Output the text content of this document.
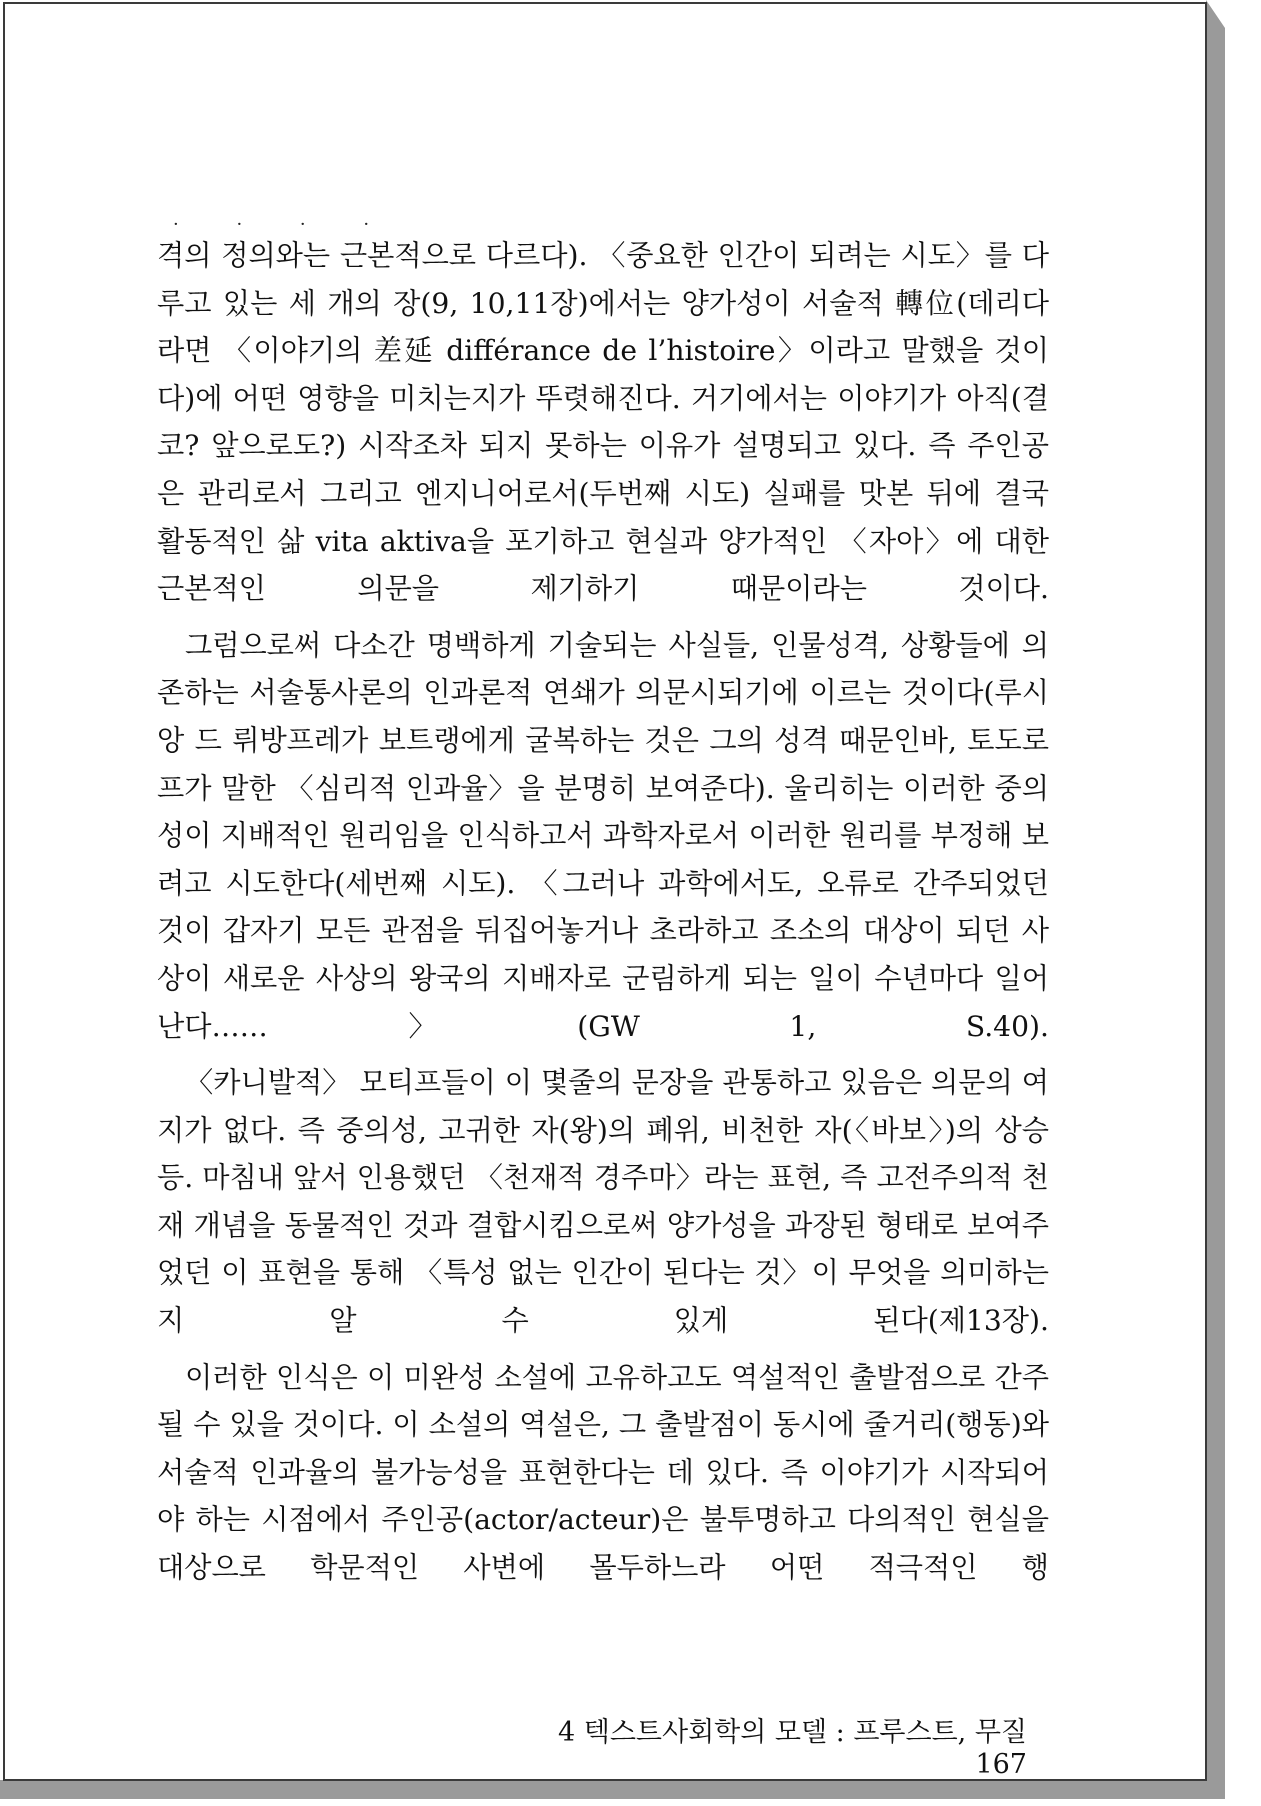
· · · ·

격의 정의와는 근본적으로 다르다). 〈중요한 인간이 되려는 시도〉를 다루고 있는 세 개의 장(9, 10,11장)에서는 양가성이 서술적 轉位(데리다라면 〈이야기의 差延 différance de l’histoire〉이라고 말했을 것이다)에 어떤 영향을 미치는지가 뚜렷해진다. 거기에서는 이야기가 아직(결코? 앞으로도?) 시작조차 되지 못하는 이유가 설명되고 있다. 즉 주인공은 관리로서 그리고 엔지니어로서(두번째 시도) 실패를 맛본 뒤에 결국 활동적인 삶 vita aktiva을 포기하고 현실과 양가적인 〈자아〉에 대한 근본적인 의문을 제기하기 때문이라는 것이다.

그럼으로써 다소간 명백하게 기술되는 사실들, 인물성격, 상황들에 의존하는 서술통사론의 인과론적 연쇄가 의문시되기에 이르는 것이다(루시앙 드 뤼방프레가 보트랭에게 굴복하는 것은 그의 성격 때문인바, 토도로프가 말한 〈심리적 인과율〉을 분명히 보여준다). 울리히는 이러한 중의성이 지배적인 원리임을 인식하고서 과학자로서 이러한 원리를 부정해 보려고 시도한다(세번째 시도). 〈그러나 과학에서도, 오류로 간주되었던 것이 갑자기 모든 관점을 뒤집어놓거나 초라하고 조소의 대상이 되던 사상이 새로운 사상의 왕국의 지배자로 군림하게 되는 일이 수년마다 일어난다……〉(GW 1, S.40).

〈카니발적〉 모티프들이 이 몇줄의 문장을 관통하고 있음은 의문의 여지가 없다. 즉 중의성, 고귀한 자(왕)의 폐위, 비천한 자(〈바보〉)의 상승 등. 마침내 앞서 인용했던 〈천재적 경주마〉라는 표현, 즉 고전주의적 천재 개념을 동물적인 것과 결합시킴으로써 양가성을 과장된 형태로 보여주었던 이 표현을 통해 〈특성 없는 인간이 된다는 것〉이 무엇을 의미하는지 알 수 있게 된다(제13장).

이러한 인식은 이 미완성 소설에 고유하고도 역설적인 출발점으로 간주될 수 있을 것이다. 이 소설의 역설은, 그 출발점이 동시에 줄거리(행동)와 서술적 인과율의 불가능성을 표현한다는 데 있다. 즉 이야기가 시작되어야 하는 시점에서 주인공(actor/acteur)은 불투명하고 다의적인 현실을 대상으로 학문적인 사변에 몰두하느라 어떤 적극적인 행

4 텍스트사회학의 모델 : 프루스트, 무질 167
